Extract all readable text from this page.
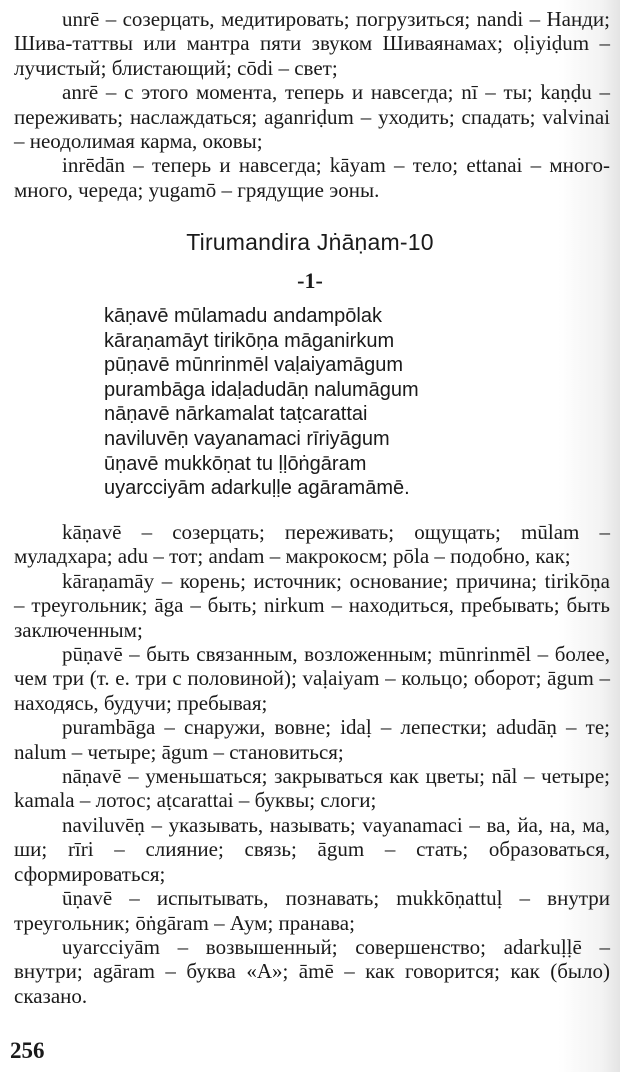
unrē – созерцать, медитировать; погрузиться; nandi – Нанди; Шива-таттвы или мантра пяти звуком Шиваянамах; oḷiyiḍum – лучистый; блистающий; cōdi – свет;

anrē – с этого момента, теперь и навсегда; nī – ты; kaṇḍu – переживать; наслаждаться; aganriḍum – уходить; спадать; valvinai – неодолимая карма, оковы;

inrēdān – теперь и навсегда; kāyam – тело; ettanai – много-много, череда; yugamō – грядущие эоны.

Tirumandira Jṅāṇam-10
-1-
kāṇavē mūlamadu andampōlak
kāraṇamāyt tirikōṇa māganirkum
pūṇavē mūnrinmēl vaḷaiyamāgum
purambāga idaḷadudāṇ nalumāgum
nāṇavē nārkamalat taṭcarattai
naviluvēṇ vayanamaci rīriyāgum
ūṇavē mukkōṇat tu ḷḷōṅgāram
uyarcciyām adarkuḷḷe agāramāmē.

kāṇavē – созерцать; переживать; ощущать; mūlam – муладхара; adu – тот; andam – макрокосм; pōla – подобно, как;

kāraṇamāy – корень; источник; основание; причина; tirikōṇa – треугольник; āga – быть; nirkum – находиться, пребывать; быть заключенным;

pūṇavē – быть связанным, возложенным; mūnrinmēl – более, чем три (т. е. три с половиной); vaḷaiyam – кольцо; оборот; āgum – находясь, будучи; пребывая;

purambāga – снаружи, вовне; idaḷ – лепестки; adudāṇ – те; nalum – четыре; āgum – становиться;

nāṇavē – уменьшаться; закрываться как цветы; nāl – четыре; kamala – лотос; aṭcarattai – буквы; слоги;

naviluvēṇ – указывать, называть; vayanamaci – ва, йа, на, ма, ши; rīri – слияние; связь; āgum – стать; образоваться, сформироваться;

ūṇavē – испытывать, познавать; mukkōṇattuḷ – внутри треугольник; ōṅgāram – Аум; пранава;

uyarcciyām – возвышенный; совершенство; adarkuḷḷē – внутри; agāram – буква «А»; āmē – как говорится; как (было) сказано.

256
